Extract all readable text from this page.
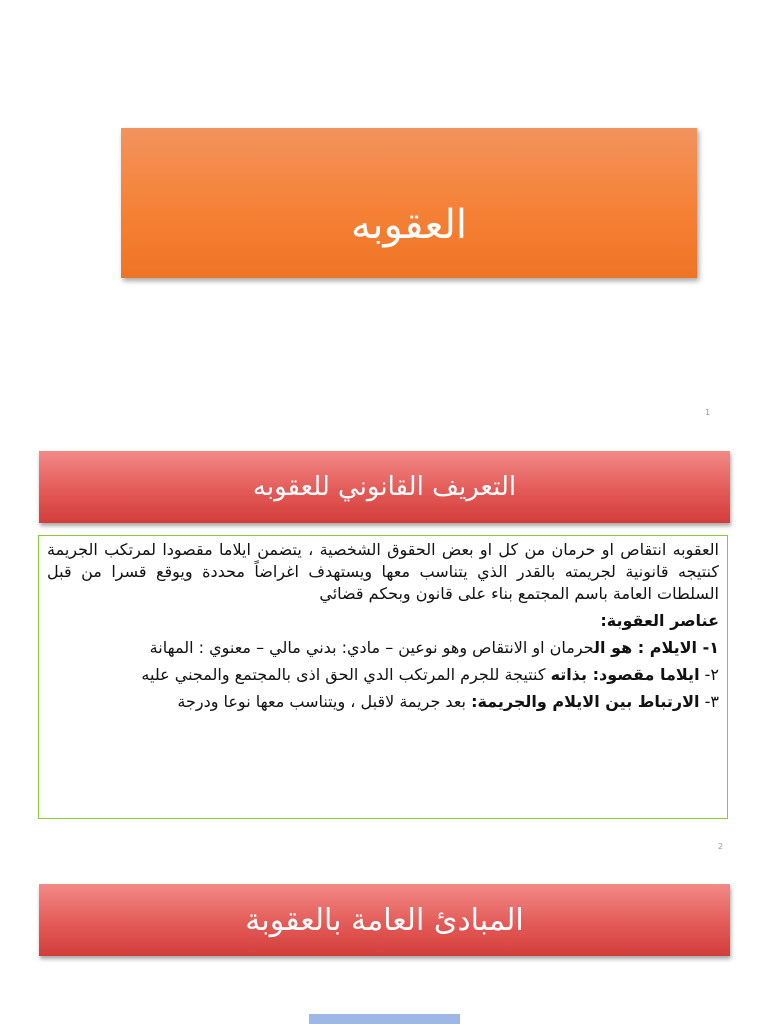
العقوبه
1
التعريف القانوني للعقوبه

العقوبه انتقاص او حرمان من كل او بعض الحقوق الشخصية ، يتضمن ايلاما مقصودا لمرتكب الجريمة كنتيجه قانونية لجريمته بالقدر الذي يتناسب معها ويستهدف اغراضاً محددة ويوقع قسرا من قبل السلطات العامة باسم المجتمع بناء على قانون وبحكم قضائي

عناصر العقوبة:

١- الايلام : هو الحرمان او الانتقاص وهو نوعين – مادي: بدني مالي – معنوي : المهانة

٢- ايلاما مقصود: بذاته كنتيجة للجرم المرتكب الدي الحق اذى بالمجتمع والمجني عليه

٣- الارتباط بين الايلام والجريمة: بعد جريمة لاقبل ، ويتناسب معها نوعا ودرجة

2
المبادئ العامة بالعقوبة
